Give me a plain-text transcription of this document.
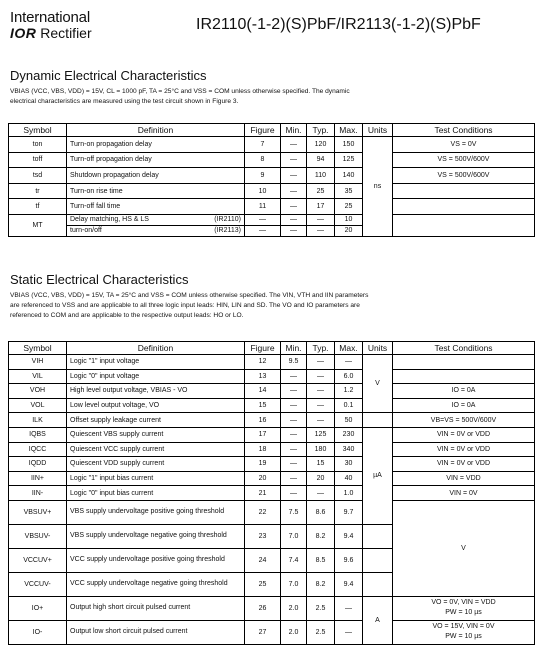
International
IOR Rectifier	IR2110(-1-2)(S)PbF/IR2113(-1-2)(S)PbF
Dynamic Electrical Characteristics
VBIAS (VCC, VBS, VDD) = 15V, CL = 1000 pF, TA = 25°C and VSS = COM unless otherwise specified. The dynamic
electrical characteristics are measured using the test circuit shown in Figure 3.
Symbol	Definition	Figure	Min.	Typ.	Max.	Units	Test Conditions
ton	Turn-on propagation delay	7	—	120	150	ns	VS = 0V
toff	Turn-off propagation delay	8	—	94	125		VS = 500V/600V
tsd	Shutdown propagation delay	9	—	110	140		VS = 500V/600V
tr	Turn-on rise time	10	—	25	35		
tf	Turn-off fall time	11	—	17	25		
MT	Delay matching, HS & LS (IR2110)	—	—	—	10		
	turn-on/off (IR2113)	—	—	—	20		
Static Electrical Characteristics
VBIAS (VCC, VBS, VDD) = 15V, TA = 25°C and VSS = COM unless otherwise specified. The VIN, VTH and IIN parameters
are referenced to VSS and are applicable to all three logic input leads: HIN, LIN and SD. The VO and IO parameters are
referenced to COM and are applicable to the respective output leads: HO or LO.
Symbol	Definition	Figure	Min.	Typ.	Max.	Units	Test Conditions	
VIH	Logic "1" input voltage	12	9.5	—	—	V		
VIL	Logic "0" input voltage	13	—	—	6.0			
VOH	High level output voltage, VBIAS - VO	14	—	—	1.2		IO = 0A	
VOL	Low level output voltage, VO	15	—	—	0.1		IO = 0A	
ILK	Offset supply leakage current	16	—	—	50		VB=VS = 500V/600V	
IQBS	Quiescent VBS supply current	17	—	125	230	µA	VIN = 0V or VDD	
IQCC	Quiescent VCC supply current	18	—	180	340		VIN = 0V or VDD	
IQDD	Quiescent VDD supply current	19	—	15	30		VIN = 0V or VDD	
IIN+	Logic "1" input bias current	20	—	20	40		VIN = VDD	
IIN-	Logic "0" input bias current	21	—	—	1.0		VIN = 0V	
VBSUV+	VBS supply undervoltage positive going threshold	22	7.5	8.6	9.7		V	
VBSUV-	VBS supply undervoltage negative going threshold	23	7.0	8.2	9.4			
VCCUV+	VCC supply undervoltage positive going threshold	24	7.4	8.5	9.6			
VCCUV-	VCC supply undervoltage negative going threshold	25	7.0	8.2	9.4			
IO+	Output high short circuit pulsed current	26	2.0	2.5	—	A	VO = 0V, VIN = VDD
PW = 10 µs	

IO-	Output low short circuit pulsed current	27	2.0	2.5	—		VO = 15V, VIN = 0V
PW = 10 µs	
